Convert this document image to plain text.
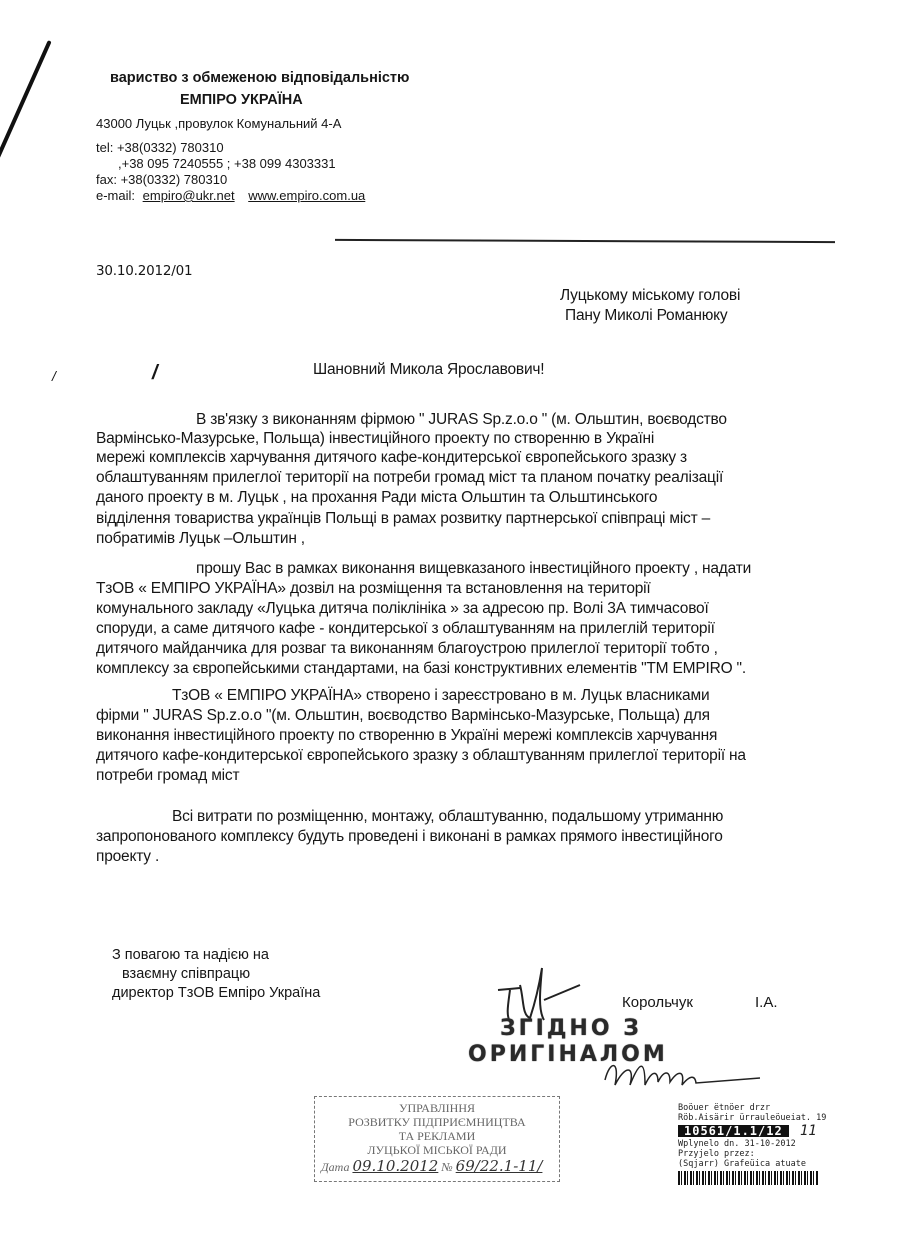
вариство з обмеженою відповідальністю
ЕМПІРО УКРАЇНА
43000 Луцьк ,провулок Комунальний 4-А
tel: +38(0332) 780310
,+38 095 7240555 ; +38 099 4303331
fax: +38(0332) 780310
e-mail: empiro@ukr.net www.empiro.com.ua
30.10.2012/01
Луцькому міському голові
Пану Миколі Романюку
/
/	Шановний Микола Ярославович!
В зв'язку з виконанням фірмою " JURAS Sp.z.o.o " (м. Ольштин, воєводство
Вармінсько-Мазурське, Польща) інвестиційного проекту по створенню в Україні
мережі комплексів харчування дитячого кафе-кондитерської європейського зразку з
облаштуванням прилеглої території на потреби громад міст та планом початку реалізації
даного проекту в м. Луцьк , на прохання Ради міста Ольштин та Ольштинського
відділення товариства українців Польщі в рамах розвитку партнерської співпраці міст –
побратимів Луцьк –Ольштин ,
прошу Вас в рамках виконання вищевказаного інвестиційного проекту , надати
ТзОВ « ЕМПІРО УКРАЇНА» дозвіл на розміщення та встановлення на території
комунального закладу «Луцька дитяча поліклініка » за адресою пр. Волі 3А тимчасової
споруди, а саме дитячого кафе - кондитерської з облаштуванням на прилеглій території
дитячого майданчика для розваг та виконанням благоустрою прилеглої території тобто ,
комплексу за європейськими стандартами, на базі конструктивних елементів "ТМ EMPIRO ".
ТзОВ « ЕМПІРО УКРАЇНА» створено і зареєстровано в м. Луцьк власниками
фірми " JURAS Sp.z.o.o "(м. Ольштин, воєводство Вармінсько-Мазурське, Польща) для
виконання інвестиційного проекту по створенню в Україні мережі комплексів харчування
дитячого кафе-кондитерської європейського зразку з облаштуванням прилеглої території на
потреби громад міст
Всі витрати по розміщенню, монтажу, облаштуванню, подальшому утриманню
запропонованого комплексу будуть проведені і виконані в рамках прямого інвестиційного
проекту .
З повагою та надією на
взаємну співпрацю
директор ТзОВ Емпіро Україна
Корольчук	І.А.
ЗГІДНО З
ОРИГІНАЛОМ
УПРАВЛІННЯ
РОЗВИТКУ ПІДПРИЄМНИЦТВА
ТА РЕКЛАМИ
ЛУЦЬКОЇ МІСЬКОЇ РАДИ
Дата 09.10.2012 № 69/22.1-11/
Boöuer ëtnöer drzr
Röb.Aisärir ürrauleöueiat. 19
10561/1.1/12 11
Wplynelo dn. 31-10-2012
Przyjelo przez:
(Sqjarr) Grafeüica atuate
